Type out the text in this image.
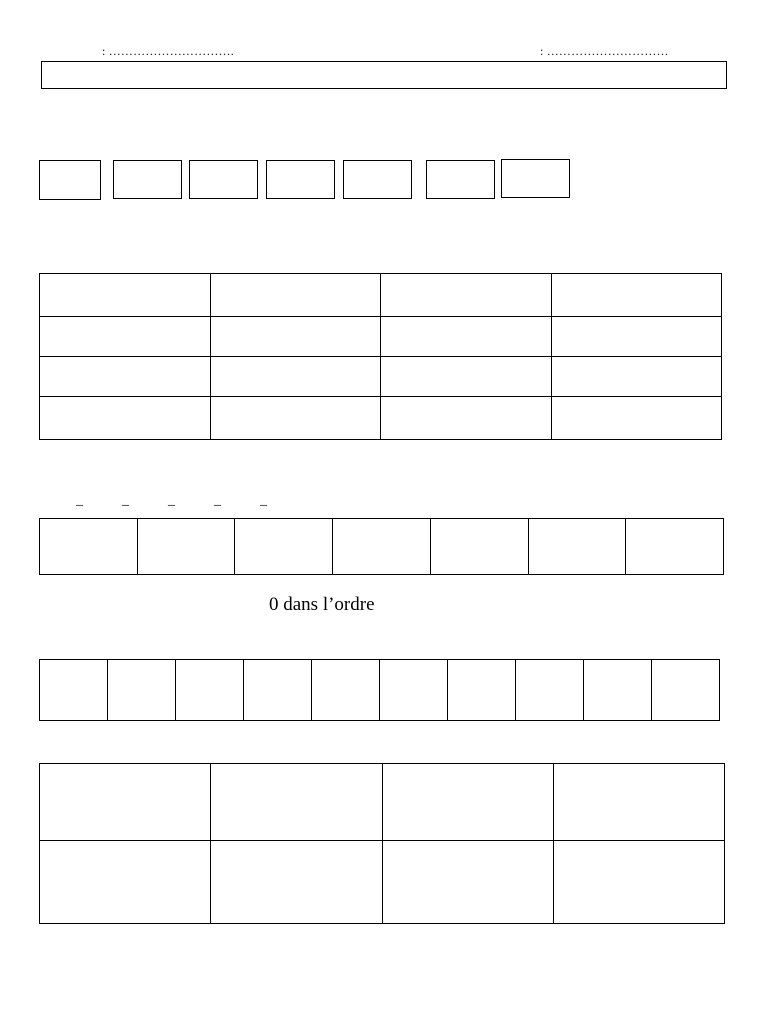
: ………………………….	: …………………………

_	_	_	_	_

0 dans l’ordre
